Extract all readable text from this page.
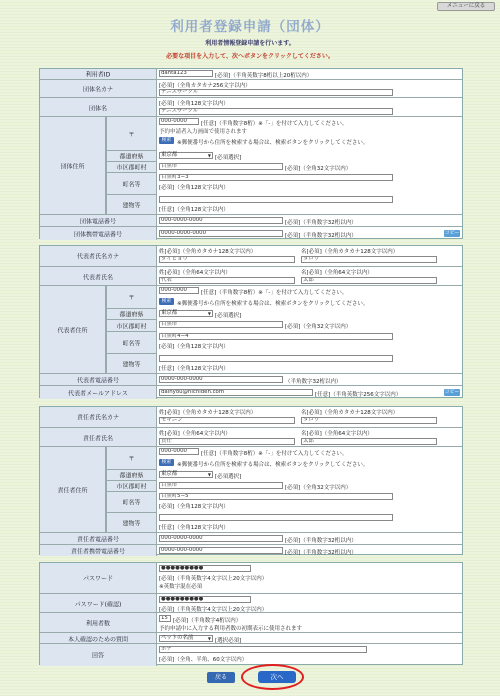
メニューに戻る
利用者登録申請（団体）
利用者情報登録申請を行います。
必要な項目を入力して、次へボタンをクリックしてください。
利用者ID	danta123	[必須]（半角英数字8桁以上20桁以内）
団体名カナ
[必須]（全角カタカナ256文字以内）
テニスサークル
団体名
[必須]（全角128文字以内）
テニスサークル
団体住所
〒
000-0000	[任意]（半角数字8桁）※「-」を付けて入力してください。
予約申請者入力画面で使用されます
検索	※郵便番号から住所を検索する場合は、検索ボタンをクリックしてください。
都道府県	東京都 ▼	[必須選択]
市区郡町村	目黒市	[必須]（全角32文字以内）
町名等
目黒町3−3
[必須]（全角128文字以内）
建物等
[任意]（全角128文字以内）
団体電話番号	000-0000-0000	[必須]（半角数字32桁以内）
団体携帯電話番号	0000-0000-0000	[必須]（半角数字32桁以内）	コピー
代表者氏名カナ
姓[必須]（全角カタカナ128文字以内）	名[必須]（全角カタカナ128文字以内）
ダイヒョウ	タロウ
代表者氏名
姓[必須]（全角64文字以内）	名[必須]（全角64文字以内）
代表	太郎
代表者住所
〒
000-0000	[任意]（半角数字8桁）※「-」を付けて入力してください。
検索	※郵便番号から住所を検索する場合は、検索ボタンをクリックしてください。
都道府県	東京都 ▼	[必須選択]
市区郡町村	目黒市	[必須]（全角32文字以内）
町名等
目黒町4−4
[必須]（全角128文字以内）
建物等
[任意]（全角128文字以内）
代表者電話番号	0000-000-0000	（半角数字32桁以内）
代表者メールアドレス	daihyou@nichiden.com	[任意]（半角英数字256文字以内）	コピー
責任者氏名カナ
姓[必須]（全角カタカナ128文字以内）	名[必須]（全角カタカナ128文字以内）
セキニン	タロウ
責任者氏名
姓[必須]（全角64文字以内）	名[必須]（全角64文字以内）
責任	太郎
責任者住所
〒
000-0000	[任意]（半角数字8桁）※「-」を付けて入力してください。
検索	※郵便番号から住所を検索する場合は、検索ボタンをクリックしてください。
都道府県	東京都 ▼	[必須選択]
市区郡町村	目黒市	[必須]（全角32文字以内）
町名等
目黒町5−5
[必須]（全角128文字以内）
建物等
[任意]（全角128文字以内）
責任者電話番号	000-0000-0000	[必須]（半角数字32桁以内）
責任者携帯電話番号	0000-000-0000	[必須]（半角数字32桁以内）
パスワード
●●●●●●●●●
[必須]（半角英数字4文字以上20文字以内）
※英数字混在必須
パスワード(確認)
●●●●●●●●●
[必須]（半角英数字4文字以上20文字以内）
利用者数
15 [必須]（半角数字4桁以内）
予約申請中に入力する利用者数の初期表示に使用されます
本人確認のための質問	ペットの名前 ▼	[選択必須]
回答
ポチ
[必須]（全角、半角、60文字以内）
戻る	次へ
